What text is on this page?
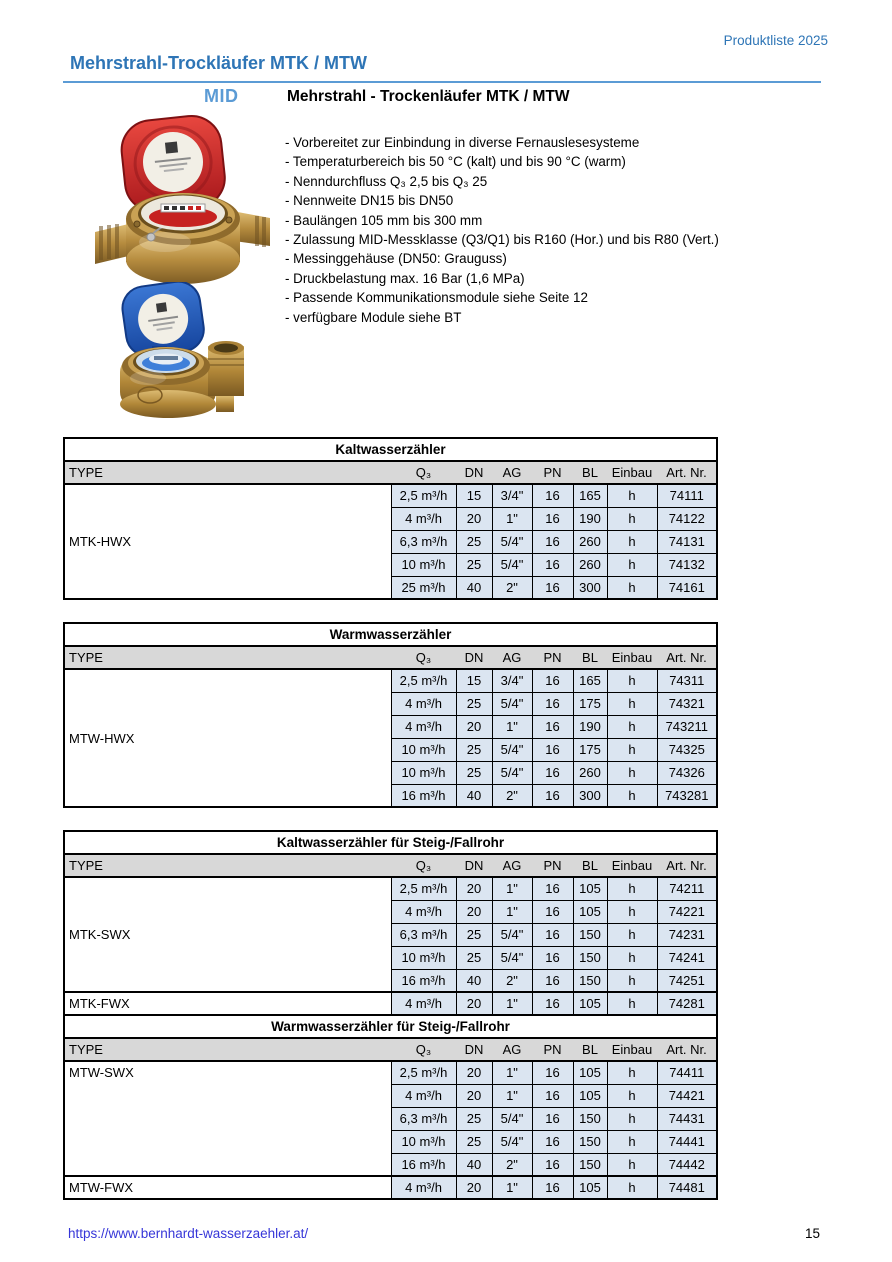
Produktliste 2025
Mehrstrahl-Trockläufer MTK / MTW
MID	Mehrstrahl - Trockenläufer MTK / MTW
- Vorbereitet zur Einbindung in diverse Fernauslesesysteme
- Temperaturbereich bis 50 °C (kalt) und bis 90 °C (warm)
- Nenndurchfluss Q₃ 2,5 bis Q₃ 25
- Nennweite DN15 bis DN50
- Baulängen 105 mm bis 300 mm
- Zulassung MID-Messklasse (Q3/Q1) bis R160 (Hor.) und bis R80 (Vert.)
- Messinggehäuse (DN50: Grauguss)
- Druckbelastung max. 16 Bar (1,6 MPa)
- Passende Kommunikationsmodule siehe Seite 12
- verfügbare Module siehe BT
Kaltwasserzähler							
TYPE	Q₃	DN	AG	PN	BL	Einbau	Art. Nr.
MTK-HWX	2,5 m³/h	15	3/4"	16	165	h	74111
	4 m³/h	20	1"	16	190	h	74122
	6,3 m³/h	25	5/4"	16	260	h	74131
	10 m³/h	25	5/4"	16	260	h	74132
	25 m³/h	40	2"	16	300	h	74161
Warmwasserzähler							
TYPE	Q₃	DN	AG	PN	BL	Einbau	Art. Nr.
MTW-HWX	2,5 m³/h	15	3/4"	16	165	h	74311
	4 m³/h	25	5/4"	16	175	h	74321
	4 m³/h	20	1"	16	190	h	743211
	10 m³/h	25	5/4"	16	175	h	74325
	10 m³/h	25	5/4"	16	260	h	74326
	16 m³/h	40	2"	16	300	h	743281
Kaltwasserzähler für Steig-/Fallrohr							
TYPE	Q₃	DN	AG	PN	BL	Einbau	Art. Nr.
MTK-SWX	2,5 m³/h	20	1"	16	105	h	74211
	4 m³/h	20	1"	16	105	h	74221
	6,3 m³/h	25	5/4"	16	150	h	74231
	10 m³/h	25	5/4"	16	150	h	74241
	16 m³/h	40	2"	16	150	h	74251
MTK-FWX	4 m³/h	20	1"	16	105	h	74281
Warmwasserzähler für Steig-/Fallrohr							
TYPE	Q₃	DN	AG	PN	BL	Einbau	Art. Nr.
MTW-SWX	2,5 m³/h	20	1"	16	105	h	74411
	4 m³/h	20	1"	16	105	h	74421
	6,3 m³/h	25	5/4"	16	150	h	74431
	10 m³/h	25	5/4"	16	150	h	74441
	16 m³/h	40	2"	16	150	h	74442
MTW-FWX	4 m³/h	20	1"	16	105	h	74481
https://www.bernhardt-wasserzaehler.at/	15
